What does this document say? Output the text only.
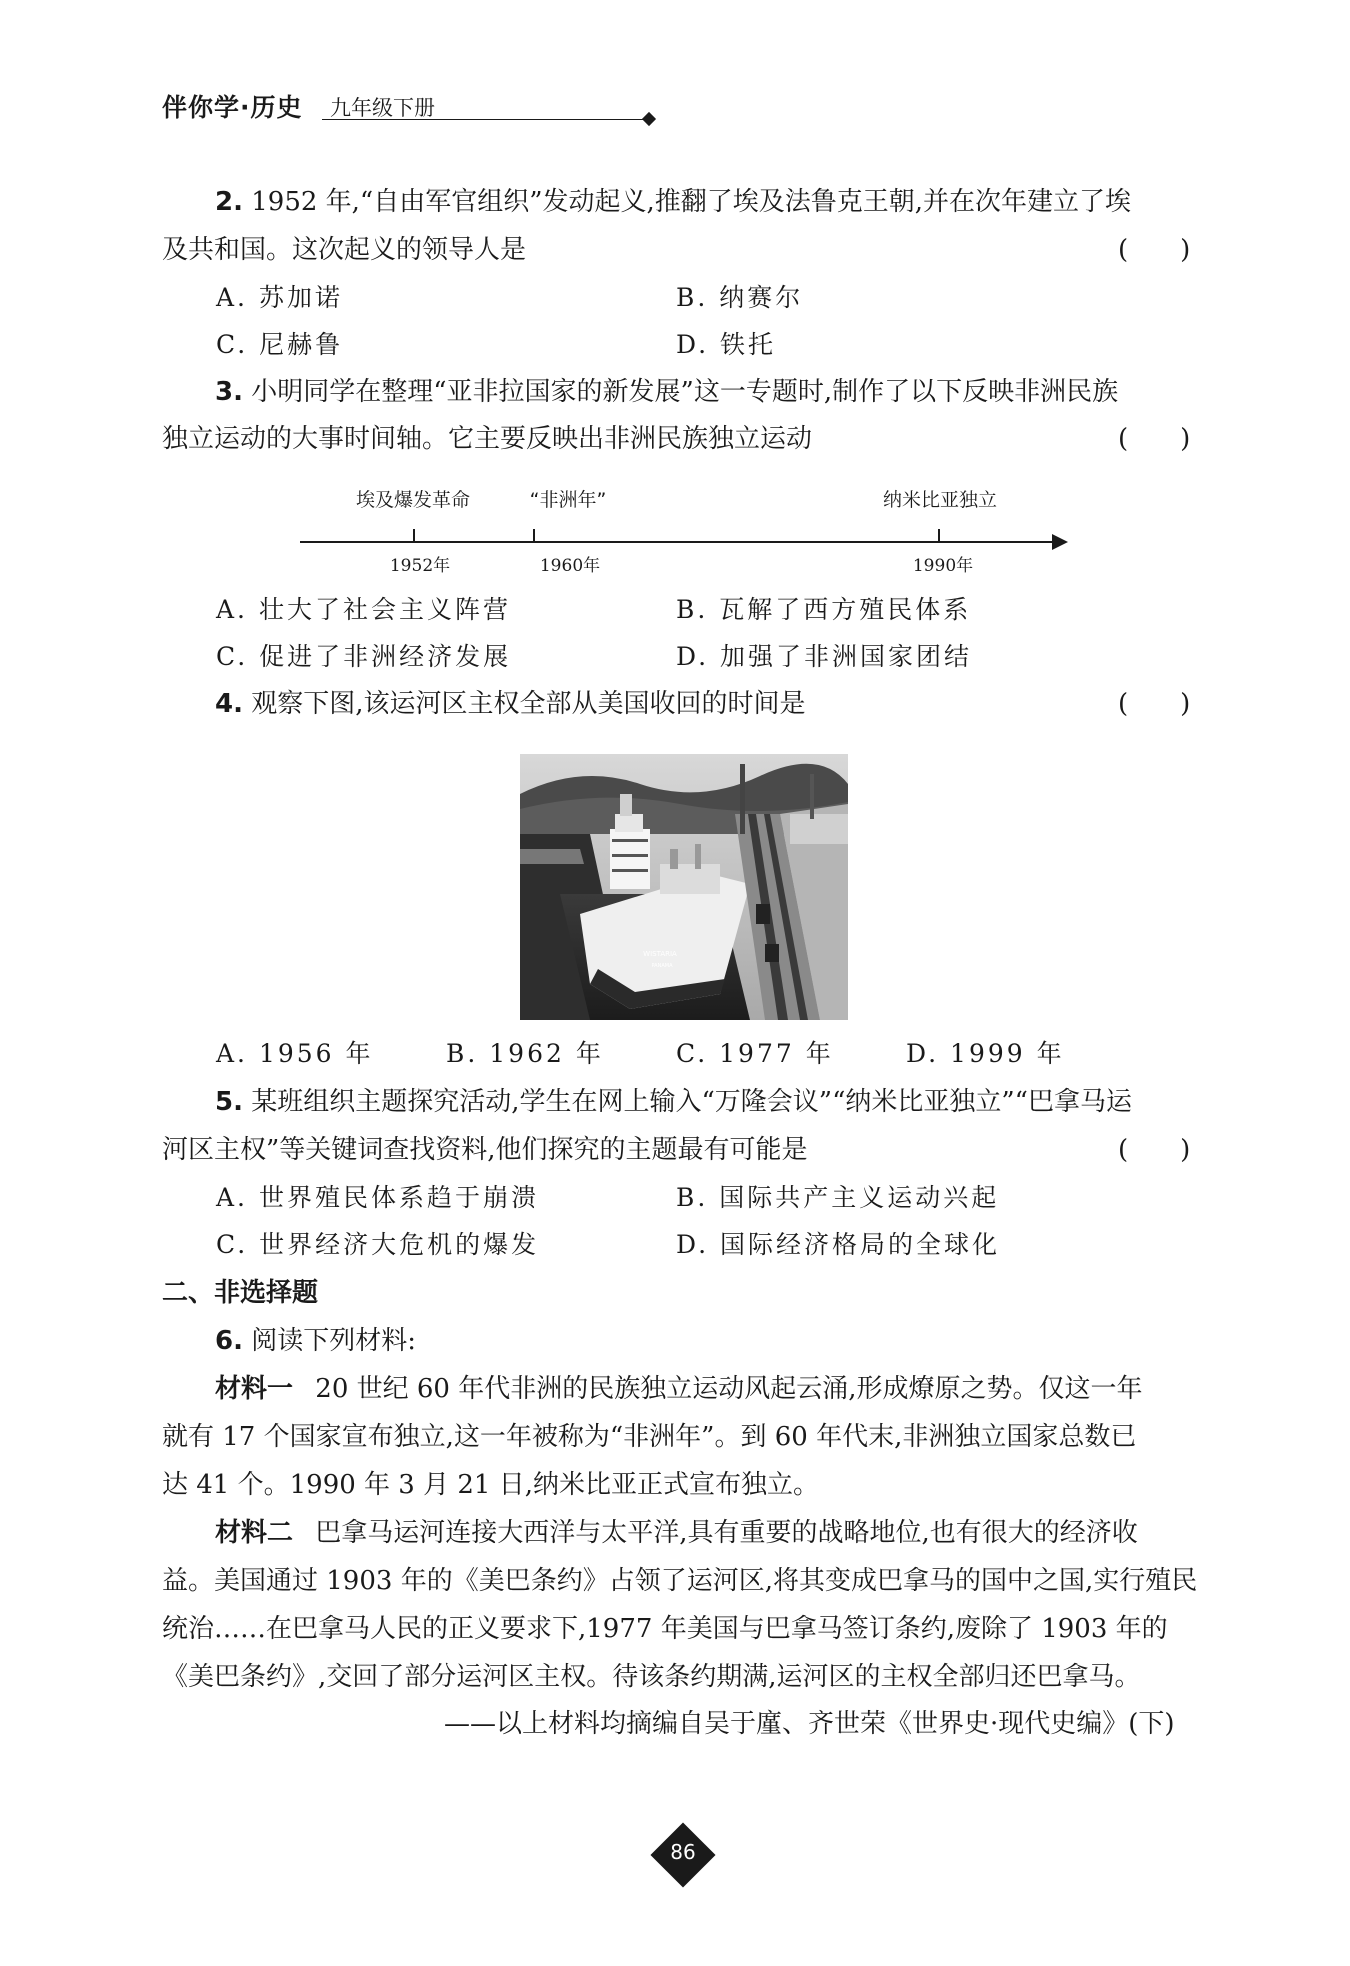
伴你学·历史 九年级下册
2. 1952 年,“自由军官组织”发动起义,推翻了埃及法鲁克王朝,并在次年建立了埃
及共和国。这次起义的领导人是	(　　)
A. 苏加诺	B. 纳赛尔
C. 尼赫鲁	D. 铁托
3. 小明同学在整理“亚非拉国家的新发展”这一专题时,制作了以下反映非洲民族
独立运动的大事时间轴。它主要反映出非洲民族独立运动	(　　)
埃及爆发革命
1952年
“非洲年”
1960年
纳米比亚独立
1990年
A. 壮大了社会主义阵营	B. 瓦解了西方殖民体系
C. 促进了非洲经济发展	D. 加强了非洲国家团结
4. 观察下图,该运河区主权全部从美国收回的时间是	(　　)
WISTARIA
PANAMA
A. 1956 年	B. 1962 年	C. 1977 年	D. 1999 年
5. 某班组织主题探究活动,学生在网上输入“万隆会议”“纳米比亚独立”“巴拿马运
河区主权”等关键词查找资料,他们探究的主题最有可能是	(　　)
A. 世界殖民体系趋于崩溃	B. 国际共产主义运动兴起
C. 世界经济大危机的爆发	D. 国际经济格局的全球化
二、非选择题
6. 阅读下列材料:
材料一 20 世纪 60 年代非洲的民族独立运动风起云涌,形成燎原之势。仅这一年
就有 17 个国家宣布独立,这一年被称为“非洲年”。到 60 年代末,非洲独立国家总数已
达 41 个。1990 年 3 月 21 日,纳米比亚正式宣布独立。
材料二 巴拿马运河连接大西洋与太平洋,具有重要的战略地位,也有很大的经济收
益。美国通过 1903 年的《美巴条约》占领了运河区,将其变成巴拿马的国中之国,实行殖民
统治……在巴拿马人民的正义要求下,1977 年美国与巴拿马签订条约,废除了 1903 年的
《美巴条约》,交回了部分运河区主权。待该条约期满,运河区的主权全部归还巴拿马。
——以上材料均摘编自吴于廑、齐世荣《世界史·现代史编》(下)
86
